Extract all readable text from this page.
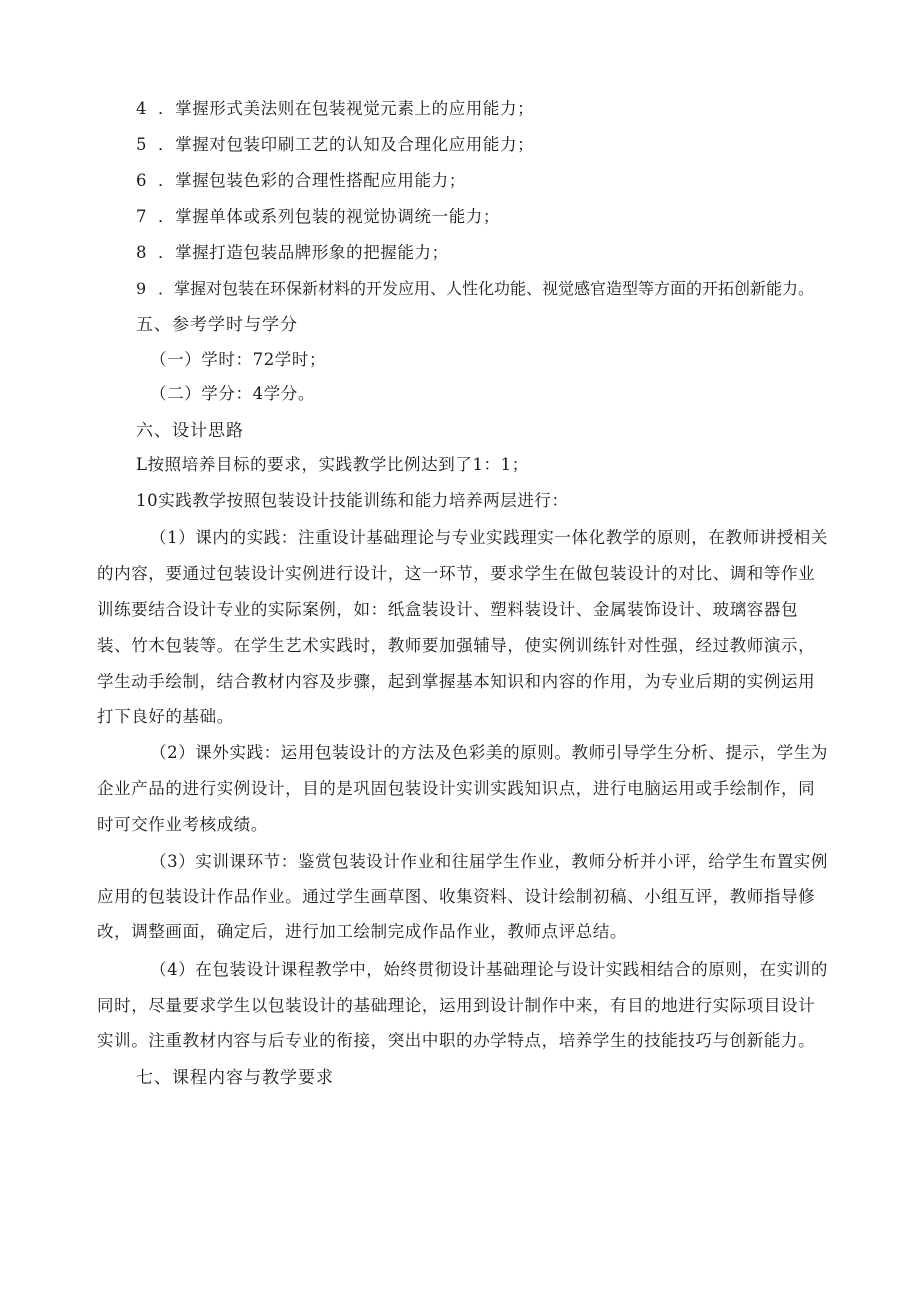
4 ．掌握形式美法则在包装视觉元素上的应用能力；
5 ．掌握对包装印刷工艺的认知及合理化应用能力；
6 ．掌握包装色彩的合理性搭配应用能力；
7 ．掌握单体或系列包装的视觉协调统一能力；
8 ．掌握打造包装品牌形象的把握能力；
9 ．掌握对包装在环保新材料的开发应用、人性化功能、视觉感官造型等方面的开拓创新能力。
五、参考学时与学分
（一）学时：72学时；
（二）学分：4学分。
六、设计思路
L按照培养目标的要求，实践教学比例达到了1：1；
10实践教学按照包装设计技能训练和能力培养两层进行：
（1）课内的实践：注重设计基础理论与专业实践理实一体化教学的原则，在教师讲授相关
的内容，要通过包装设计实例进行设计，这一环节，要求学生在做包装设计的对比、调和等作业
训练要结合设计专业的实际案例，如：纸盒装设计、塑料装设计、金属装饰设计、玻璃容器包
装、竹木包装等。在学生艺术实践时，教师要加强辅导，使实例训练针对性强，经过教师演示，
学生动手绘制，结合教材内容及步骤，起到掌握基本知识和内容的作用，为专业后期的实例运用
打下良好的基础。
（2）课外实践：运用包装设计的方法及色彩美的原则。教师引导学生分析、提示，学生为
企业产品的进行实例设计，目的是巩固包装设计实训实践知识点，进行电脑运用或手绘制作，同
时可交作业考核成绩。
（3）实训课环节：鉴赏包装设计作业和往届学生作业，教师分析并小评，给学生布置实例
应用的包装设计作品作业。通过学生画草图、收集资料、设计绘制初稿、小组互评，教师指导修
改，调整画面，确定后，进行加工绘制完成作品作业，教师点评总结。
（4）在包装设计课程教学中，始终贯彻设计基础理论与设计实践相结合的原则，在实训的
同时，尽量要求学生以包装设计的基础理论，运用到设计制作中来，有目的地进行实际项目设计
实训。注重教材内容与后专业的衔接，突出中职的办学特点，培养学生的技能技巧与创新能力。
七、课程内容与教学要求
